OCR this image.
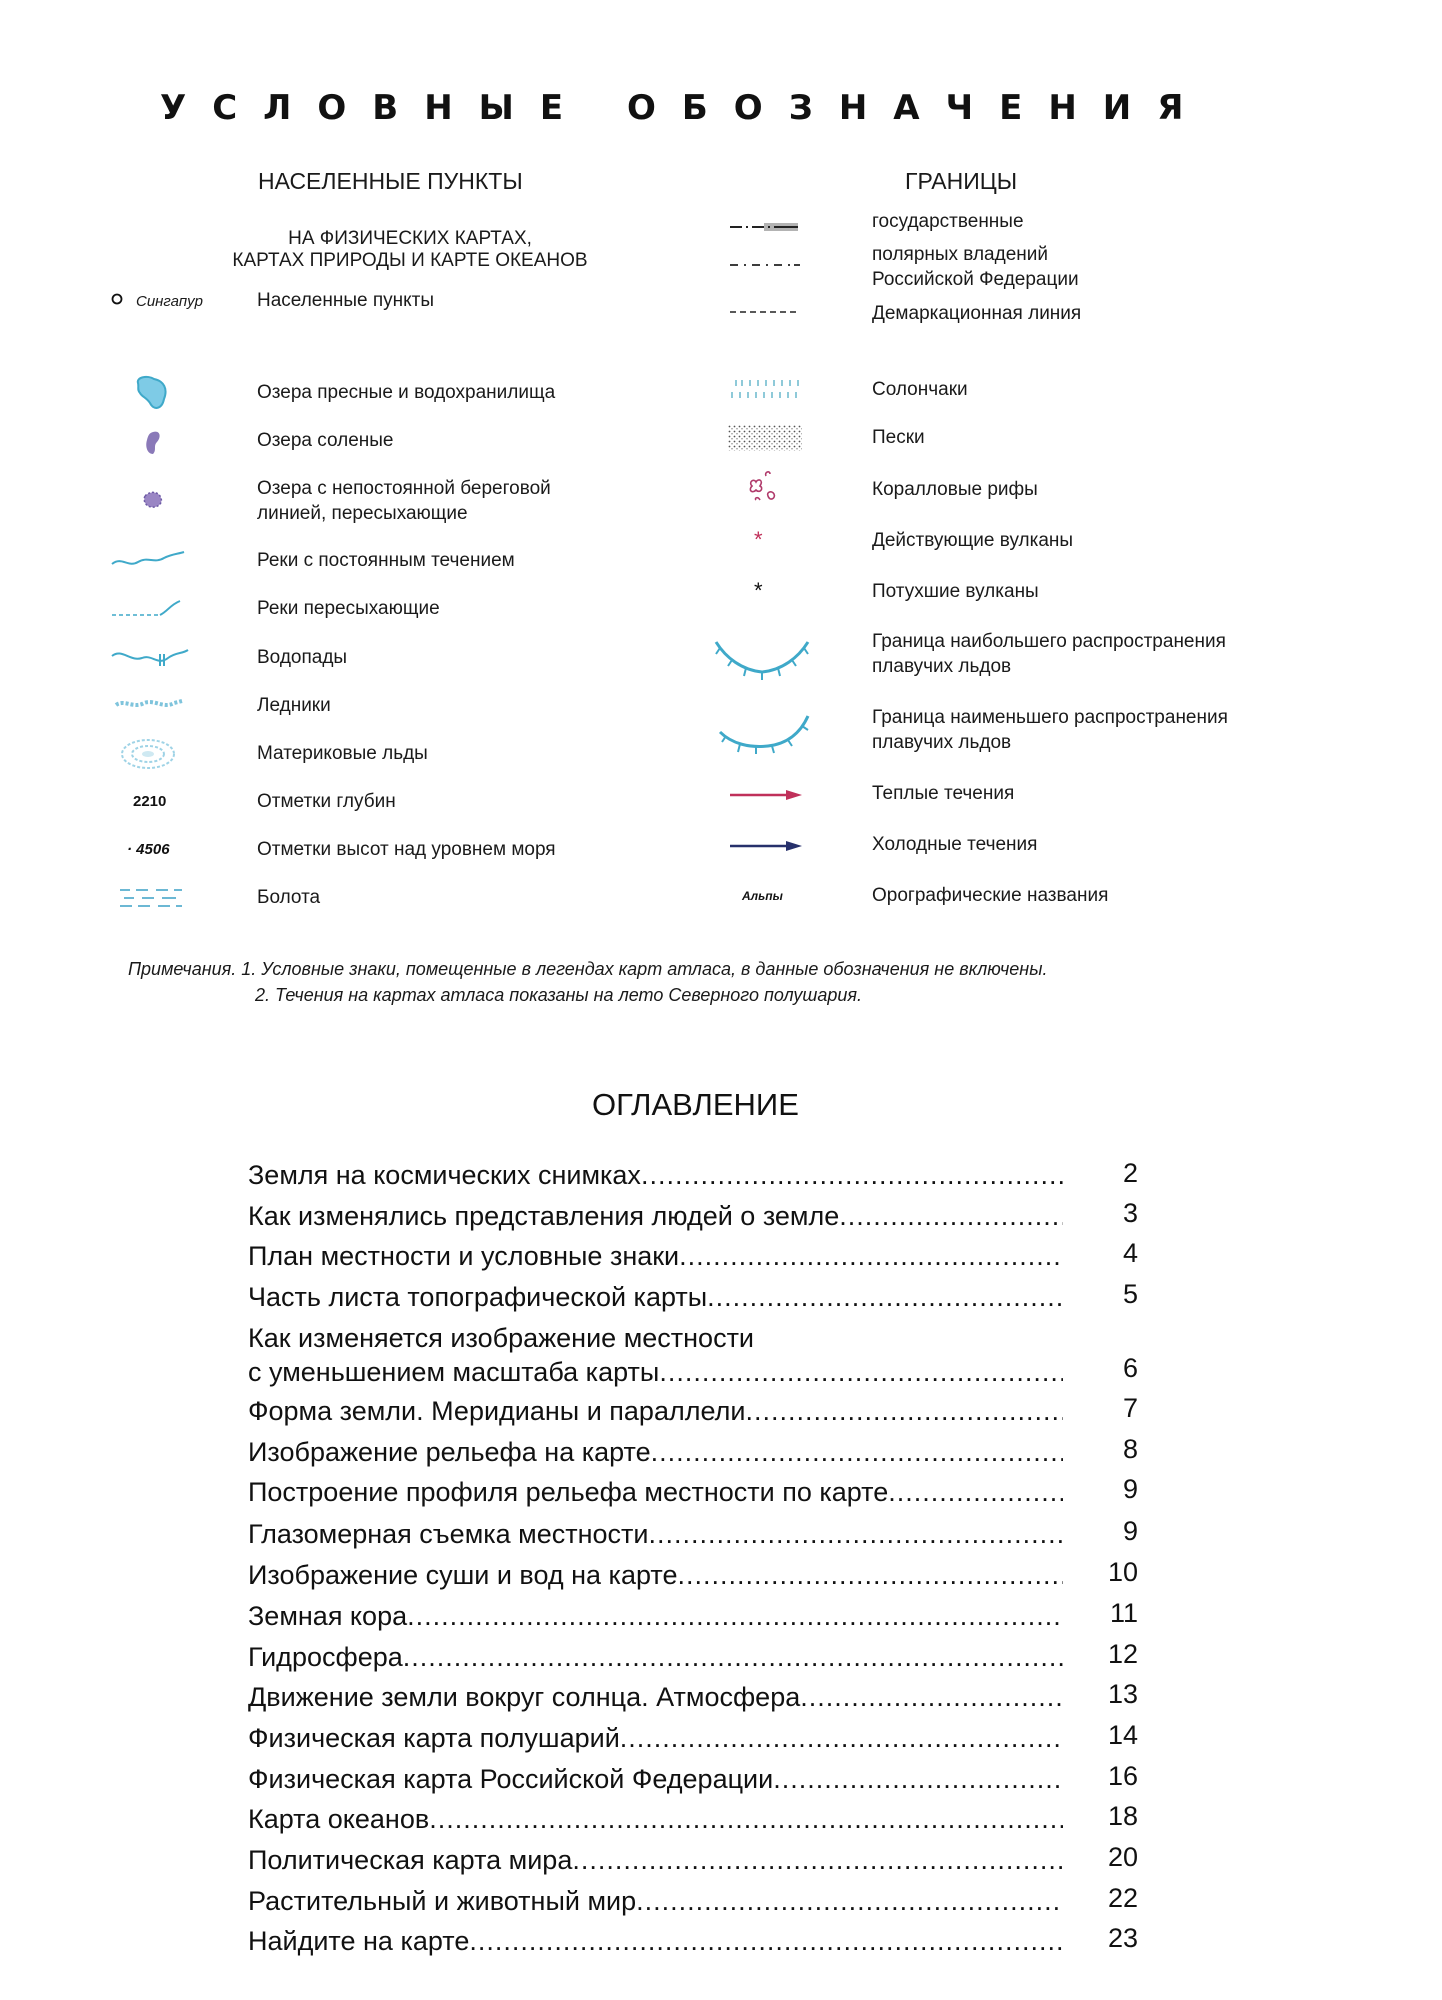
УСЛОВНЫЕ ОБОЗНАЧЕНИЯ
НАСЕЛЕННЫЕ ПУНКТЫ
НА ФИЗИЧЕСКИХ КАРТАХ,
КАРТАХ ПРИРОДЫ И КАРТЕ ОКЕАНОВ
Сингапур	Населенные пункты
Озера пресные и водохранилища
Озера соленые
Озера с непостоянной береговой
линией, пересыхающие
Реки с постоянным течением
Реки пересыхающие
Водопады
Ледники
Материковые льды
2210	Отметки глубин
· 4506	Отметки высот над уровнем моря
Болота
ГРАНИЦЫ
государственные
полярных владений
Российской Федерации
Демаркационная линия
Солончаки
Пески
Коралловые рифы
*	Действующие вулканы
*	Потухшие вулканы
Граница наибольшего распространения
плавучих льдов
Граница наименьшего распространения
плавучих льдов
Теплые течения
Холодные течения
Альпы	Орографические названия
Примечания. 1. Условные знаки, помещенные в легендах карт атласа, в данные обозначения не включены.
2. Течения на картах атласа показаны на лето Северного полушария.
ОГЛАВЛЕНИЕ
Земля на космических снимках .....	2
Как изменялись представления людей о земле .....	3
План местности и условные знаки .....	4
Часть листа топографической карты .....	5
Как изменяется изображение местности
с уменьшением масштаба карты .....	6
Форма земли. Меридианы и параллели .....	7
Изображение рельефа на карте .....	8
Построение профиля рельефа местности по карте .....	9
Глазомерная съемка местности .....	9
Изображение суши и вод на карте .....	10
Земная кора .....	11
Гидросфера .....	12
Движение земли вокруг солнца. Атмосфера .....	13
Физическая карта полушарий .....	14
Физическая карта Российской Федерации .....	16
Карта океанов .....	18
Политическая карта мира .....	20
Растительный и животный мир .....	22
Найдите на карте .....	23
